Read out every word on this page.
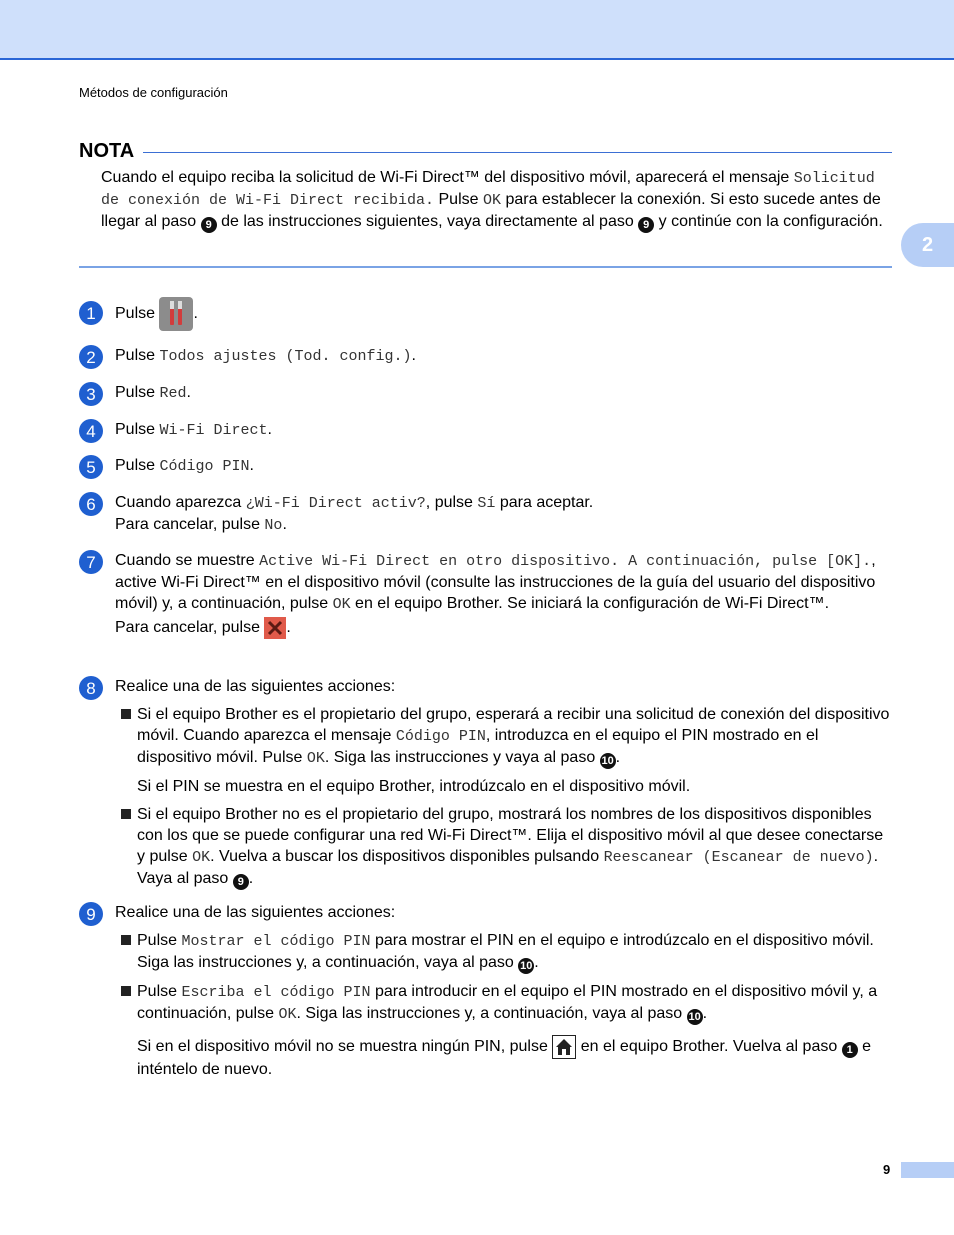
Métodos de configuración
2
NOTA
Cuando el equipo reciba la solicitud de Wi-Fi Direct™ del dispositivo móvil, aparecerá el mensaje Solicitud de conexión de Wi-Fi Direct recibida. Pulse OK para establecer la conexión. Si esto sucede antes de llegar al paso 9 de las instrucciones siguientes, vaya directamente al paso 9 y continúe con la configuración.
1	Pulse .
2	Pulse Todos ajustes (Tod. config.).
3	Pulse Red.
4	Pulse Wi-Fi Direct.
5	Pulse Código PIN.
6	Cuando aparezca ¿Wi-Fi Direct activ?, pulse Sí para aceptar.
Para cancelar, pulse No.
7	Cuando se muestre Active Wi-Fi Direct en otro dispositivo. A continuación, pulse [OK]., active Wi-Fi Direct™ en el dispositivo móvil (consulte las instrucciones de la guía del usuario del dispositivo móvil) y, a continuación, pulse OK en el equipo Brother. Se iniciará la configuración de Wi-Fi Direct™.
Para cancelar, pulse .
8	Realice una de las siguientes acciones:
Si el equipo Brother es el propietario del grupo, esperará a recibir una solicitud de conexión del dispositivo móvil. Cuando aparezca el mensaje Código PIN, introduzca en el equipo el PIN mostrado en el dispositivo móvil. Pulse OK. Siga las instrucciones y vaya al paso 10 .
Si el PIN se muestra en el equipo Brother, introdúzcalo en el dispositivo móvil.
Si el equipo Brother no es el propietario del grupo, mostrará los nombres de los dispositivos disponibles con los que se puede configurar una red Wi-Fi Direct™. Elija el dispositivo móvil al que desee conectarse y pulse OK. Vuelva a buscar los dispositivos disponibles pulsando Reescanear (Escanear de nuevo). Vaya al paso 9 .
9	Realice una de las siguientes acciones:
Pulse Mostrar el código PIN para mostrar el PIN en el equipo e introdúzcalo en el dispositivo móvil. Siga las instrucciones y, a continuación, vaya al paso 10 .
Pulse Escriba el código PIN para introducir en el equipo el PIN mostrado en el dispositivo móvil y, a continuación, pulse OK. Siga las instrucciones y, a continuación, vaya al paso 10 .
Si en el dispositivo móvil no se muestra ningún PIN, pulse  en el equipo Brother. Vuelva al paso 1 e inténtelo de nuevo.
9
